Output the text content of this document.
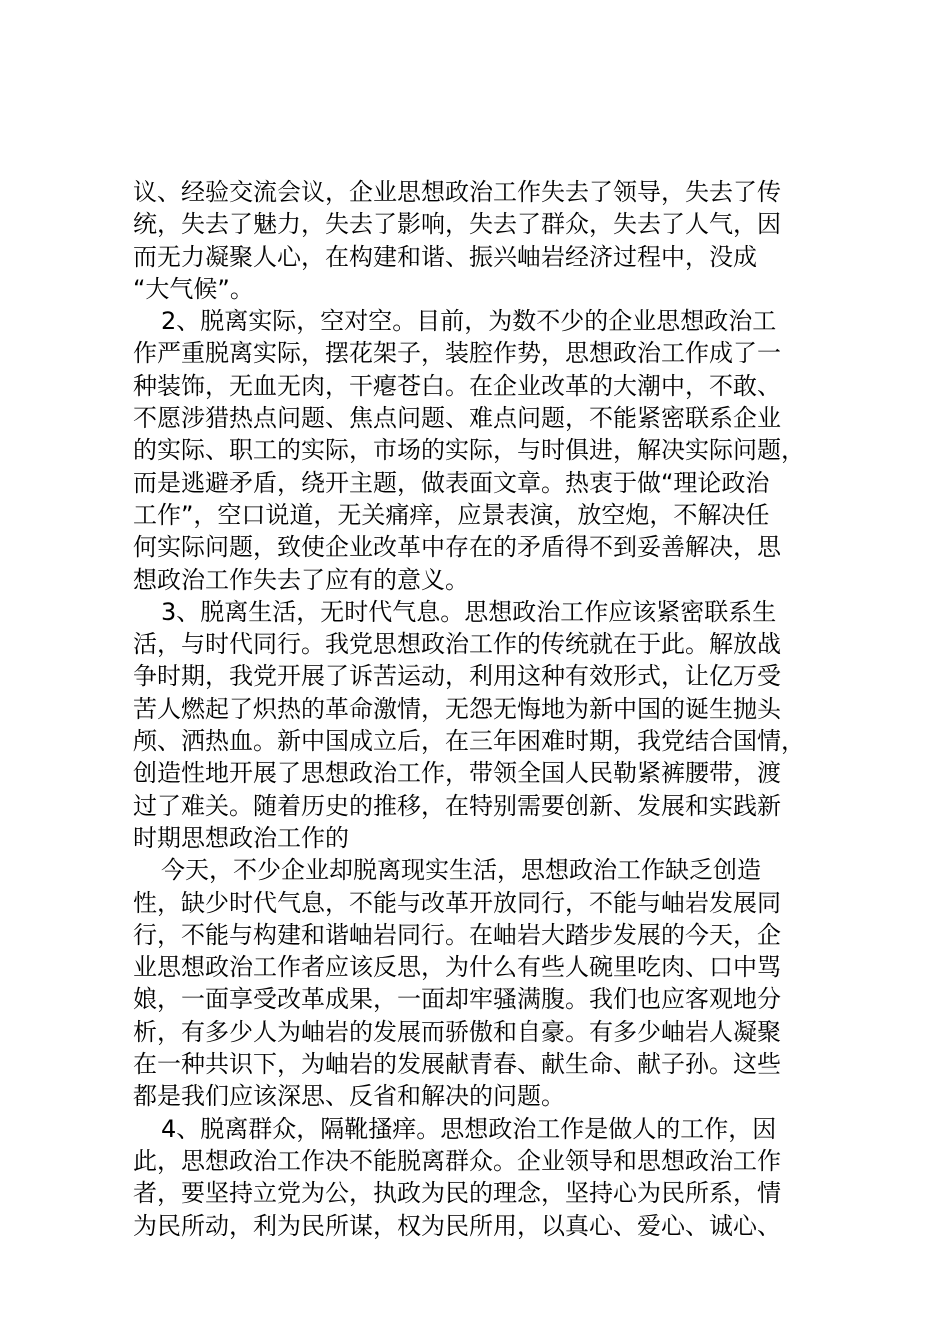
议、经验交流会议，企业思想政治工作失去了领导，失去了传
统，失去了魅力，失去了影响，失去了群众，失去了人气，因
而无力凝聚人心，在构建和谐、振兴岫岩经济过程中，没成
“大气候”。
2、脱离实际，空对空。目前，为数不少的企业思想政治工
作严重脱离实际，摆花架子，装腔作势，思想政治工作成了一
种装饰，无血无肉，干瘪苍白。在企业改革的大潮中，不敢、
不愿涉猎热点问题、焦点问题、难点问题，不能紧密联系企业
的实际、职工的实际，市场的实际，与时俱进，解决实际问题，
而是逃避矛盾，绕开主题，做表面文章。热衷于做“理论政治
工作”，空口说道，无关痛痒，应景表演，放空炮，不解决任
何实际问题，致使企业改革中存在的矛盾得不到妥善解决，思
想政治工作失去了应有的意义。
3、脱离生活，无时代气息。思想政治工作应该紧密联系生
活，与时代同行。我党思想政治工作的传统就在于此。解放战
争时期，我党开展了诉苦运动，利用这种有效形式，让亿万受
苦人燃起了炽热的革命激情，无怨无悔地为新中国的诞生抛头
颅、洒热血。新中国成立后，在三年困难时期，我党结合国情，
创造性地开展了思想政治工作，带领全国人民勒紧裤腰带，渡
过了难关。随着历史的推移，在特别需要创新、发展和实践新
时期思想政治工作的
今天，不少企业却脱离现实生活，思想政治工作缺乏创造
性，缺少时代气息，不能与改革开放同行，不能与岫岩发展同
行，不能与构建和谐岫岩同行。在岫岩大踏步发展的今天，企
业思想政治工作者应该反思，为什么有些人碗里吃肉、口中骂
娘，一面享受改革成果，一面却牢骚满腹。我们也应客观地分
析，有多少人为岫岩的发展而骄傲和自豪。有多少岫岩人凝聚
在一种共识下，为岫岩的发展献青春、献生命、献子孙。这些
都是我们应该深思、反省和解决的问题。
4、脱离群众，隔靴搔痒。思想政治工作是做人的工作，因
此，思想政治工作决不能脱离群众。企业领导和思想政治工作
者，要坚持立党为公，执政为民的理念，坚持心为民所系，情
为民所动，利为民所谋，权为民所用，以真心、爱心、诚心、
